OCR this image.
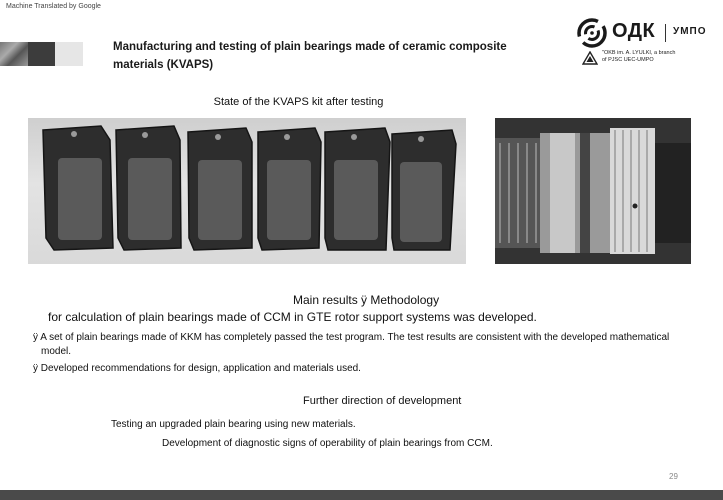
Machine Translated by Google
Manufacturing and testing of plain bearings made of ceramic composite materials (KVAPS)
ОДК УМПО
"OKB im. A. LYULKI, a branch
of PJSC UEC-UMPO
State of the KVAPS kit after testing
Main results ÿ Methodology
for calculation of plain bearings made of CCM in GTE rotor support systems was developed.
ÿ A set of plain bearings made of KKM has completely passed the test program. The test results are consistent with the developed mathematical
model.
ÿ Developed recommendations for design, application and materials used.
Further direction of development
Testing an upgraded plain bearing using new materials.
Development of diagnostic signs of operability of plain bearings from CCM.
29
